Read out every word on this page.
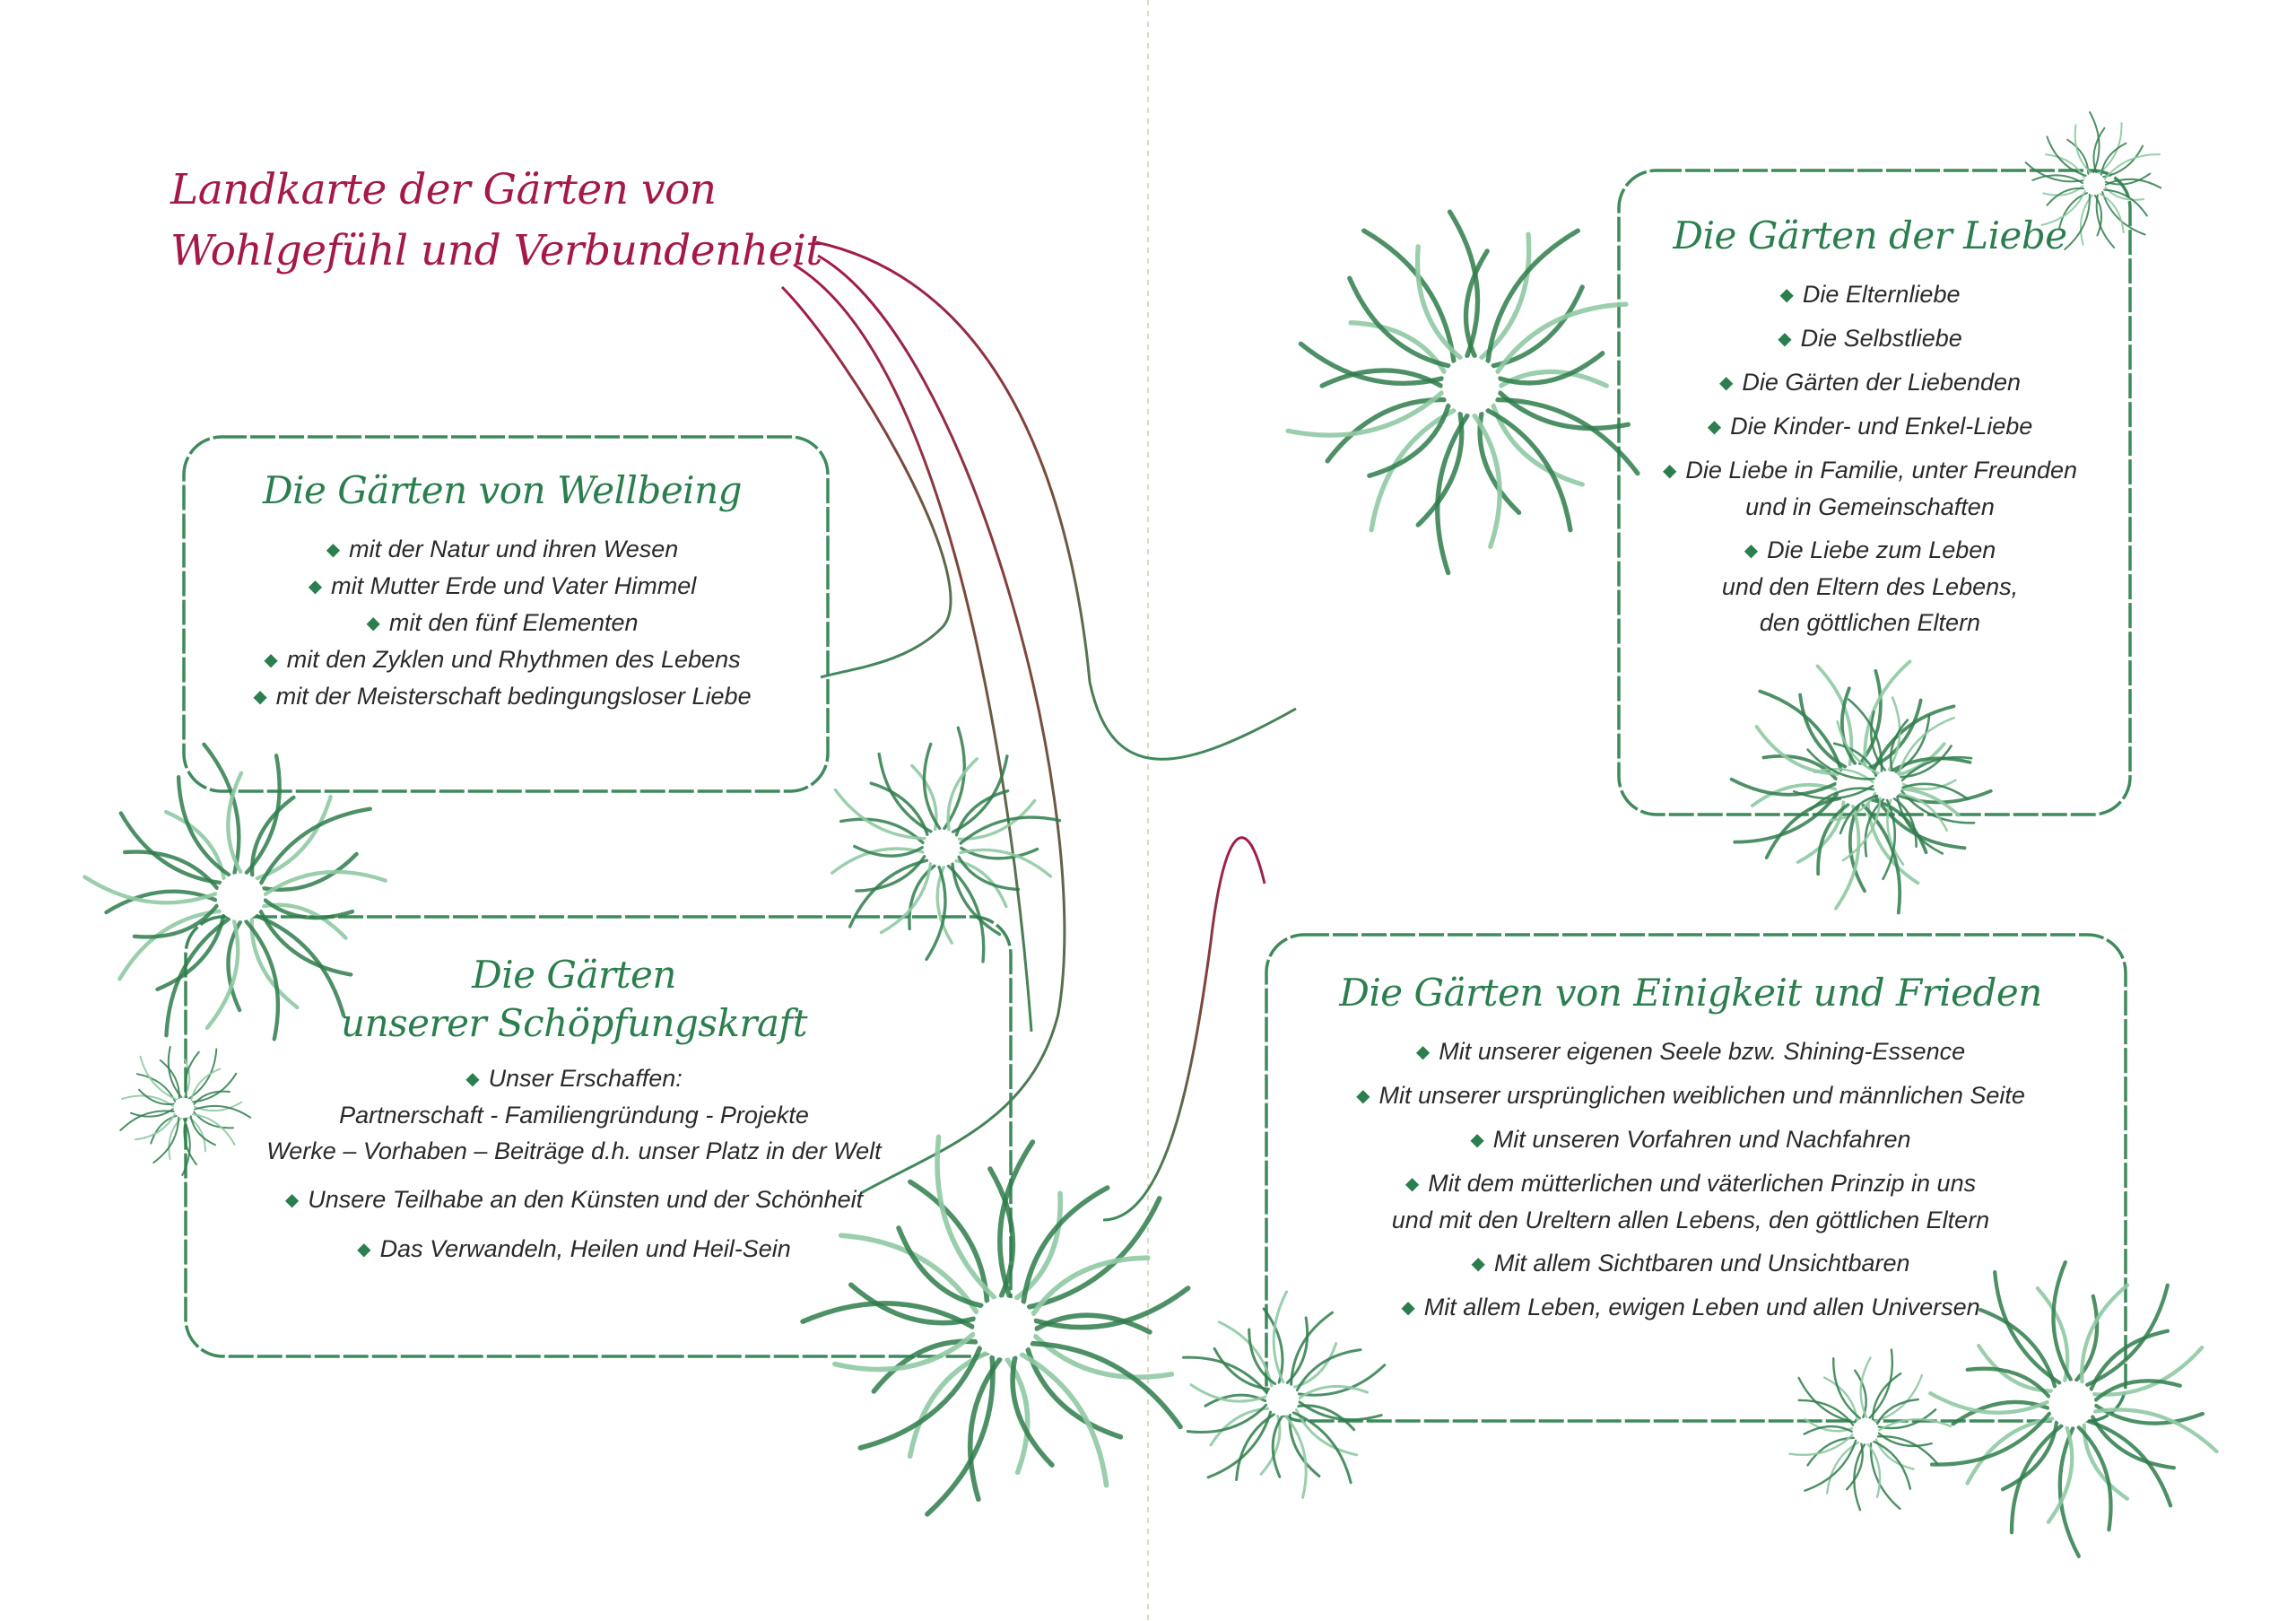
Landkarte der Gärten von
Wohlgefühl und Verbundenheit
Die Gärten von Wellbeing
◆ mit der Natur und ihren Wesen
◆ mit Mutter Erde und Vater Himmel
◆ mit den fünf Elementen
◆ mit den Zyklen und Rhythmen des Lebens
◆ mit der Meisterschaft bedingungsloser Liebe
Die Gärten der Liebe
◆ Die Elternliebe
◆ Die Selbstliebe
◆ Die Gärten der Liebenden
◆ Die Kinder- und Enkel-Liebe
◆ Die Liebe in Familie, unter Freunden
und in Gemeinschaften
◆ Die Liebe zum Leben
und den Eltern des Lebens,
den göttlichen Eltern
Die Gärten
unserer Schöpfungskraft
◆ Unser Erschaffen:
Partnerschaft - Familiengründung - Projekte
Werke – Vorhaben – Beiträge d.h. unser Platz in der Welt
◆ Unsere Teilhabe an den Künsten und der Schönheit
◆ Das Verwandeln, Heilen und Heil-Sein
Die Gärten von Einigkeit und Frieden
◆ Mit unserer eigenen Seele bzw. Shining-Essence
◆ Mit unserer ursprünglichen weiblichen und männlichen Seite
◆ Mit unseren Vorfahren und Nachfahren
◆ Mit dem mütterlichen und väterlichen Prinzip in uns
und mit den Ureltern allen Lebens, den göttlichen Eltern
◆ Mit allem Sichtbaren und Unsichtbaren
◆ Mit allem Leben, ewigen Leben und allen Universen
